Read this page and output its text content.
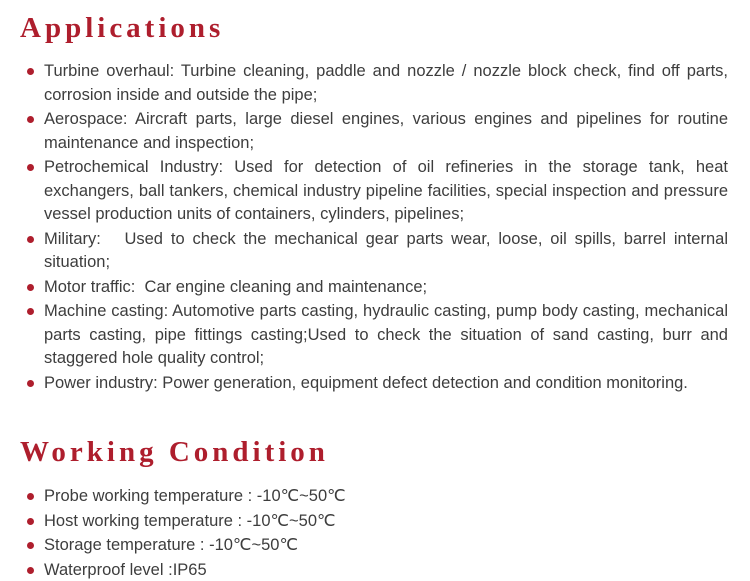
Applications
Turbine overhaul: Turbine cleaning, paddle and nozzle / nozzle block check, find off parts, corrosion inside and outside the pipe;
Aerospace: Aircraft parts, large diesel engines, various engines and pipelines for routine maintenance and inspection;
Petrochemical Industry: Used for detection of oil refineries in the storage tank, heat exchangers, ball tankers, chemical industry pipeline facilities, special inspection and pressure vessel production units of containers, cylinders, pipelines;
Military:   Used to check the mechanical gear parts wear, loose, oil spills, barrel internal situation;
Motor traffic:  Car engine cleaning and maintenance;
Machine casting: Automotive parts casting, hydraulic casting, pump body casting, mechanical parts casting, pipe fittings casting;Used to check the situation of sand casting, burr and staggered hole quality control;
Power industry: Power generation, equipment defect detection and condition monitoring.
Working Condition
Probe working temperature : -10℃~50℃
Host working temperature : -10℃~50℃
Storage temperature : -10℃~50℃
Waterproof level :IP65
